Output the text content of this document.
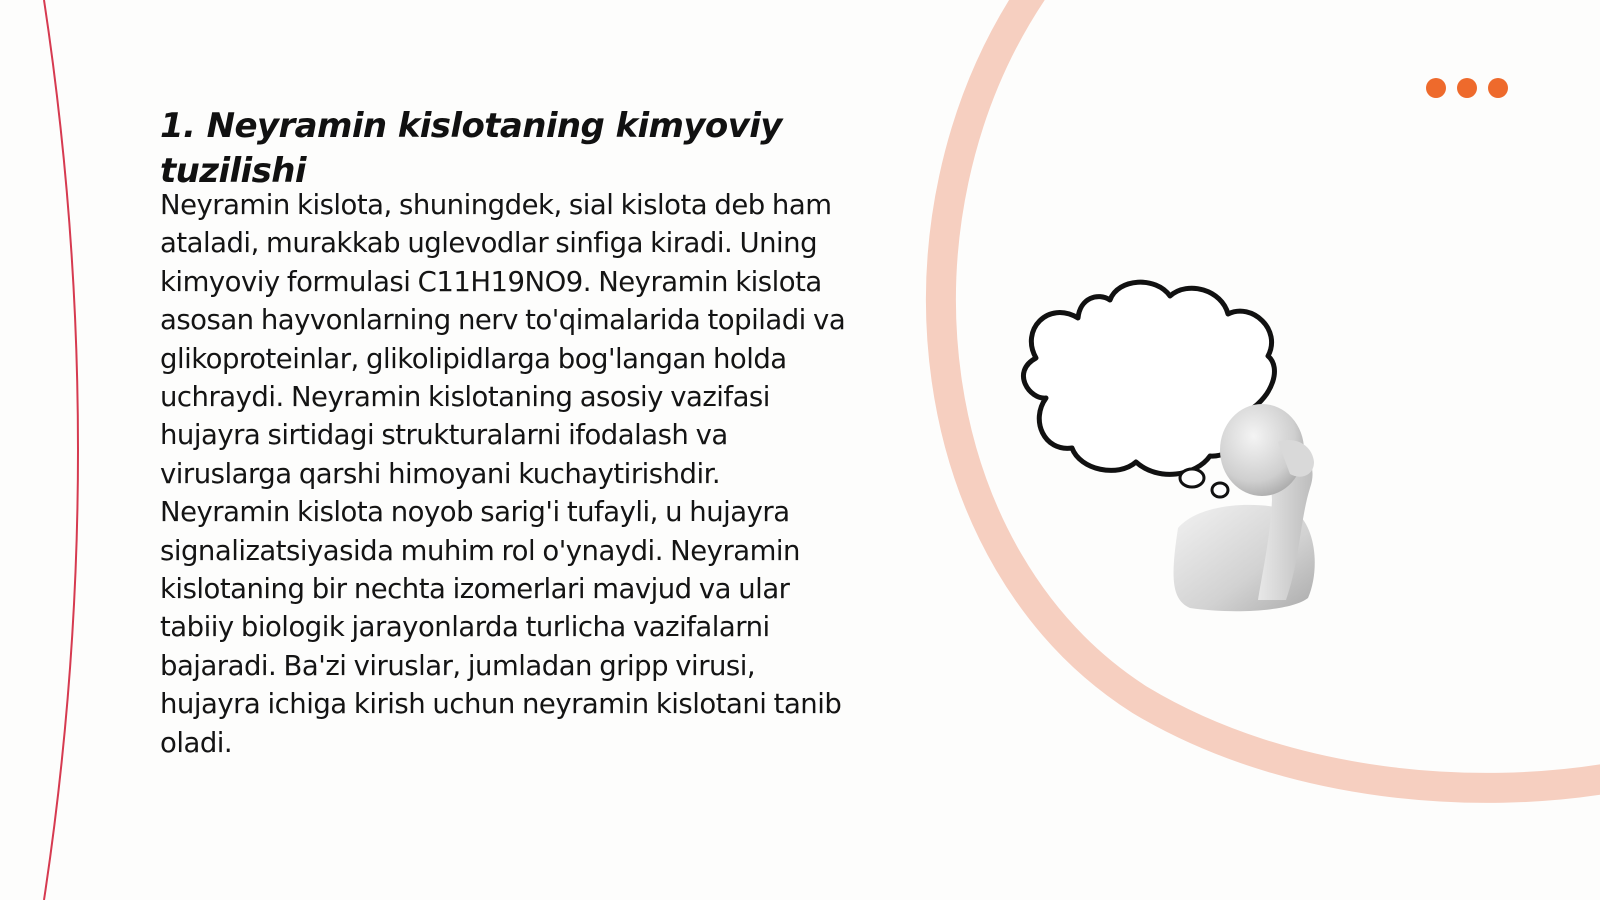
1. Neyramin kislotaning kimyoviy tuzilishi

Neyramin kislota, shuningdek, sial kislota deb ham ataladi, murakkab uglevodlar sinfiga kiradi. Uning kimyoviy formulasi C11H19NO9. Neyramin kislota asosan hayvonlarning nerv to'qimalarida topiladi va glikoproteinlar, glikolipidlarga bog'langan holda uchraydi. Neyramin kislotaning asosiy vazifasi hujayra sirtidagi strukturalarni ifodalash va viruslarga qarshi himoyani kuchaytirishdir. Neyramin kislota noyob sarig'i tufayli, u hujayra signalizatsiyasida muhim rol o'ynaydi. Neyramin kislotaning bir nechta izomerlari mavjud va ular tabiiy biologik jarayonlarda turlicha vazifalarni bajaradi. Ba'zi viruslar, jumladan gripp virusi, hujayra ichiga kirish uchun neyramin kislotani tanib oladi.
